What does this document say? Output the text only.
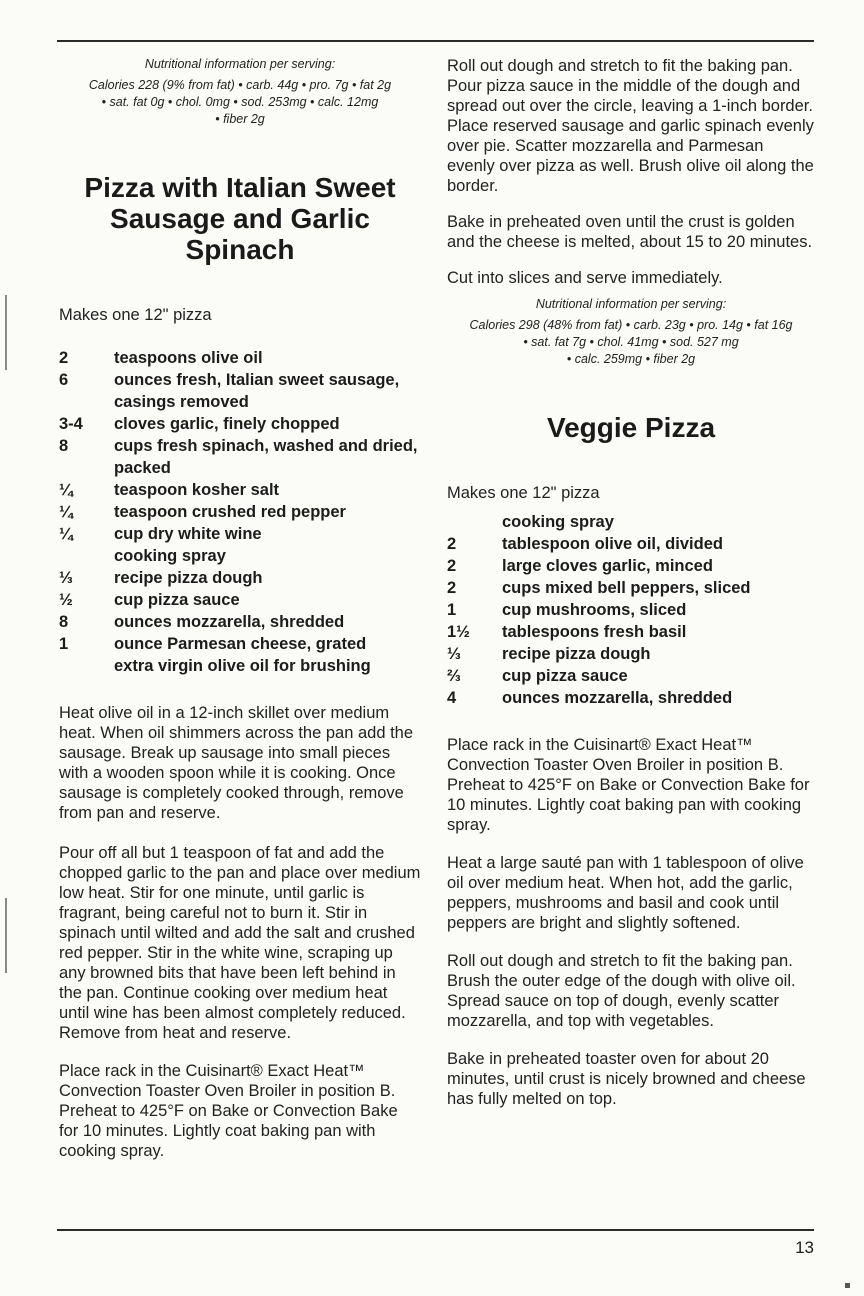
Nutritional information per serving:
Calories 228 (9% from fat) • carb. 44g • pro. 7g • fat 2g
• sat. fat 0g • chol. 0mg • sod. 253mg • calc. 12mg
• fiber 2g
Pizza with Italian Sweet
Sausage and Garlic
Spinach
Makes one 12" pizza
2	teaspoons olive oil
6	ounces fresh, Italian sweet sausage, casings removed
3-4	cloves garlic, finely chopped
8	cups fresh spinach, washed and dried, packed
¼	teaspoon kosher salt
¼	teaspoon crushed red pepper
¼	cup dry white wine
cooking spray
⅓	recipe pizza dough
½	cup pizza sauce
8	ounces mozzarella, shredded
1	ounce Parmesan cheese, grated
extra virgin olive oil for brushing

Heat olive oil in a 12-inch skillet over medium heat. When oil shimmers across the pan add the sausage. Break up sausage into small pieces with a wooden spoon while it is cooking. Once sausage is completely cooked through, remove from pan and reserve.

Pour off all but 1 teaspoon of fat and add the chopped garlic to the pan and place over medium low heat. Stir for one minute, until garlic is fragrant, being careful not to burn it. Stir in spinach until wilted and add the salt and crushed red pepper. Stir in the white wine, scraping up any browned bits that have been left behind in the pan. Continue cooking over medium heat until wine has been almost completely reduced. Remove from heat and reserve.

Place rack in the Cuisinart® Exact Heat™ Convection Toaster Oven Broiler in position B. Preheat to 425°F on Bake or Convection Bake for 10 minutes. Lightly coat baking pan with cooking spray.

Roll out dough and stretch to fit the baking pan. Pour pizza sauce in the middle of the dough and spread out over the circle, leaving a 1-inch border. Place reserved sausage and garlic spinach evenly over pie. Scatter mozzarella and Parmesan evenly over pizza as well. Brush olive oil along the border.

Bake in preheated oven until the crust is golden and the cheese is melted, about 15 to 20 minutes.

Cut into slices and serve immediately.

Nutritional information per serving:
Calories 298 (48% from fat) • carb. 23g • pro. 14g • fat 16g
• sat. fat 7g • chol. 41mg • sod. 527 mg
• calc. 259mg • fiber 2g
Veggie Pizza
Makes one 12" pizza
cooking spray
2	tablespoon olive oil, divided
2	large cloves garlic, minced
2	cups mixed bell peppers, sliced
1	cup mushrooms, sliced
1½	tablespoons fresh basil
⅓	recipe pizza dough
⅔	cup pizza sauce
4	ounces mozzarella, shredded

Place rack in the Cuisinart® Exact Heat™ Convection Toaster Oven Broiler in position B. Preheat to 425°F on Bake or Convection Bake for 10 minutes. Lightly coat baking pan with cooking spray.

Heat a large sauté pan with 1 tablespoon of olive oil over medium heat. When hot, add the garlic, peppers, mushrooms and basil and cook until peppers are bright and slightly softened.

Roll out dough and stretch to fit the baking pan. Brush the outer edge of the dough with olive oil. Spread sauce on top of dough, evenly scatter mozzarella, and top with vegetables.

Bake in preheated toaster oven for about 20 minutes, until crust is nicely browned and cheese has fully melted on top.

13
